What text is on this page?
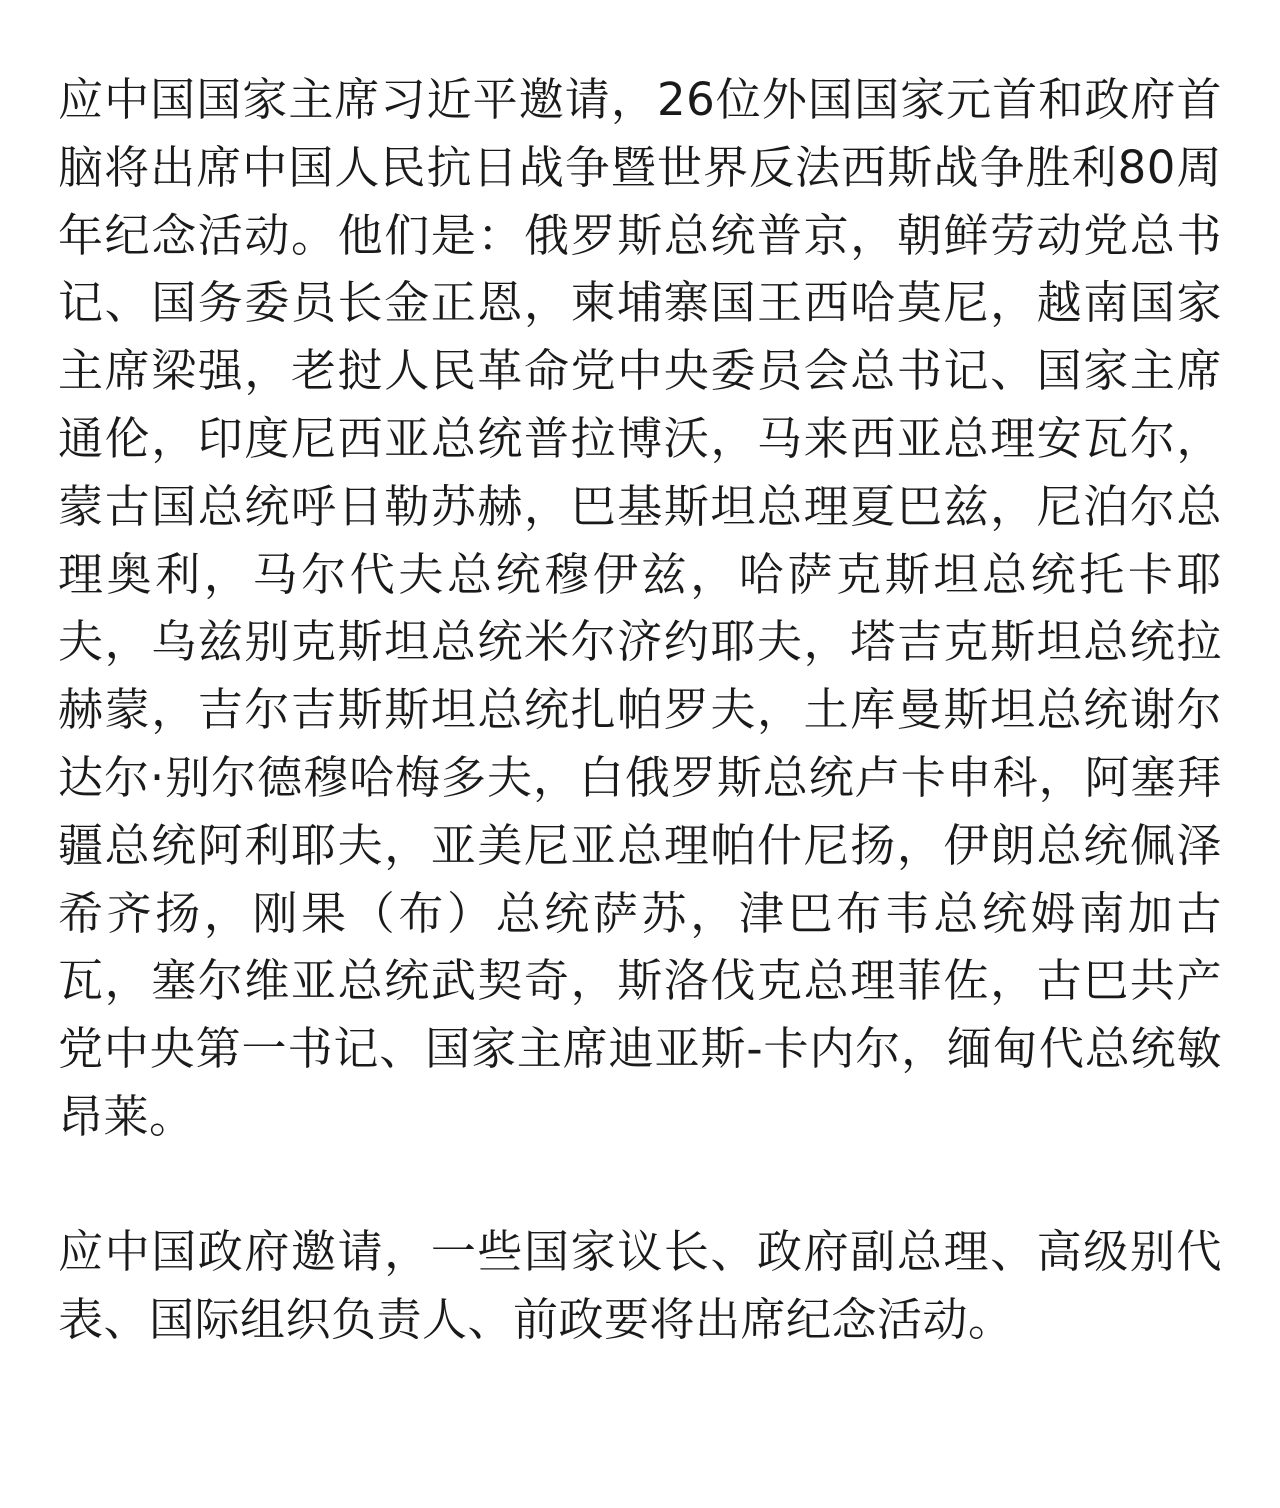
应中国国家主席习近平邀请，26位外国国家元首和政府首脑将出席中国人民抗日战争暨世界反法西斯战争胜利80周年纪念活动。他们是：俄罗斯总统普京，朝鲜劳动党总书记、国务委员长金正恩，柬埔寨国王西哈莫尼，越南国家主席梁强，老挝人民革命党中央委员会总书记、国家主席通伦，印度尼西亚总统普拉博沃，马来西亚总理安瓦尔，蒙古国总统呼日勒苏赫，巴基斯坦总理夏巴兹，尼泊尔总理奥利，马尔代夫总统穆伊兹，哈萨克斯坦总统托卡耶夫，乌兹别克斯坦总统米尔济约耶夫，塔吉克斯坦总统拉赫蒙，吉尔吉斯斯坦总统扎帕罗夫，土库曼斯坦总统谢尔达尔·别尔德穆哈梅多夫，白俄罗斯总统卢卡申科，阿塞拜疆总统阿利耶夫，亚美尼亚总理帕什尼扬，伊朗总统佩泽希齐扬，刚果（布）总统萨苏，津巴布韦总统姆南加古瓦，塞尔维亚总统武契奇，斯洛伐克总理菲佐，古巴共产党中央第一书记、国家主席迪亚斯-卡内尔，缅甸代总统敏昂莱。

应中国政府邀请，一些国家议长、政府副总理、高级别代表、国际组织负责人、前政要将出席纪念活动。
